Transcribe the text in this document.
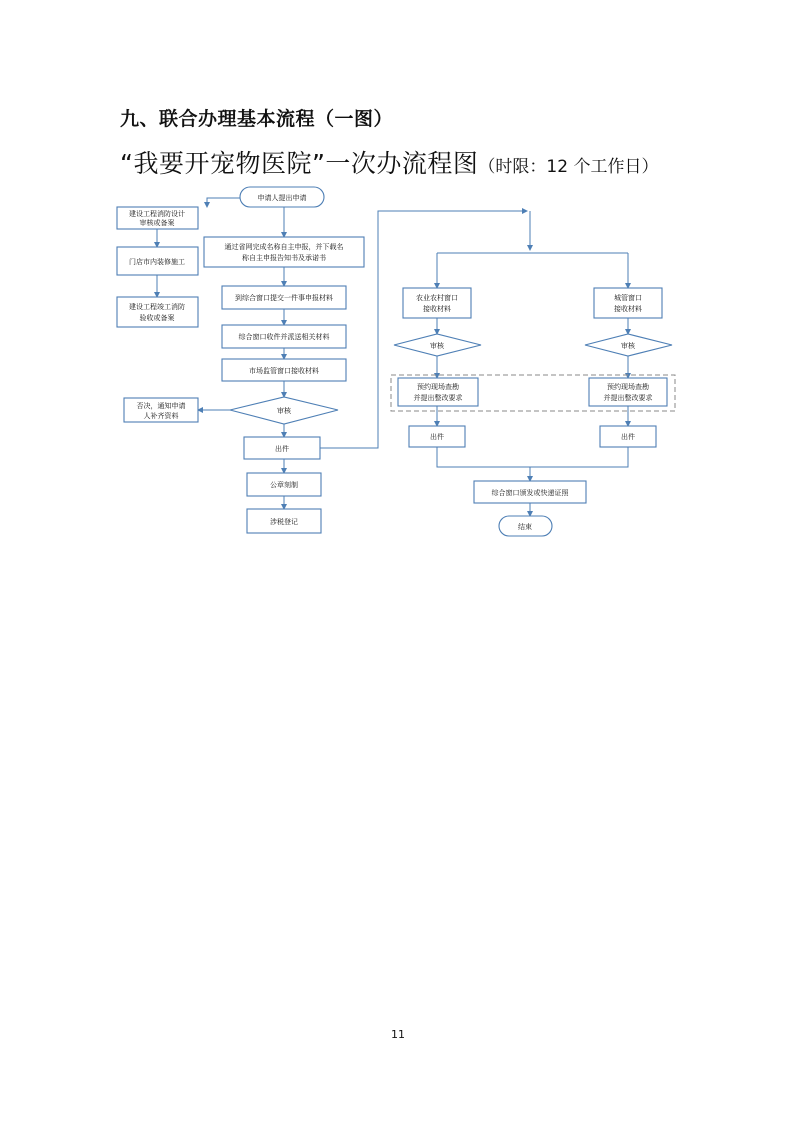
九、联合办理基本流程（一图）
“我要开宠物医院”一次办流程图（时限：12 个工作日）
申请人提出申请
建设工程消防设计
审核或备案
门店市内装修施工
建设工程竣工消防
验收或备案
通过省网完成名称自主申报，并下载名
称自主申报告知书及承诺书
到综合窗口提交一件事申报材料
综合窗口收件并派送相关材料
市场监管窗口接收材料
否决，通知申请
人补齐资料
审核
出件
公章刻制
涉税登记
农业农村窗口
接收材料
审核
预约现场查勘
并提出整改要求
出件
城管窗口
接收材料
审核
预约现场查勘
并提出整改要求
出件
综合窗口颁发或快递证照
结束
11
